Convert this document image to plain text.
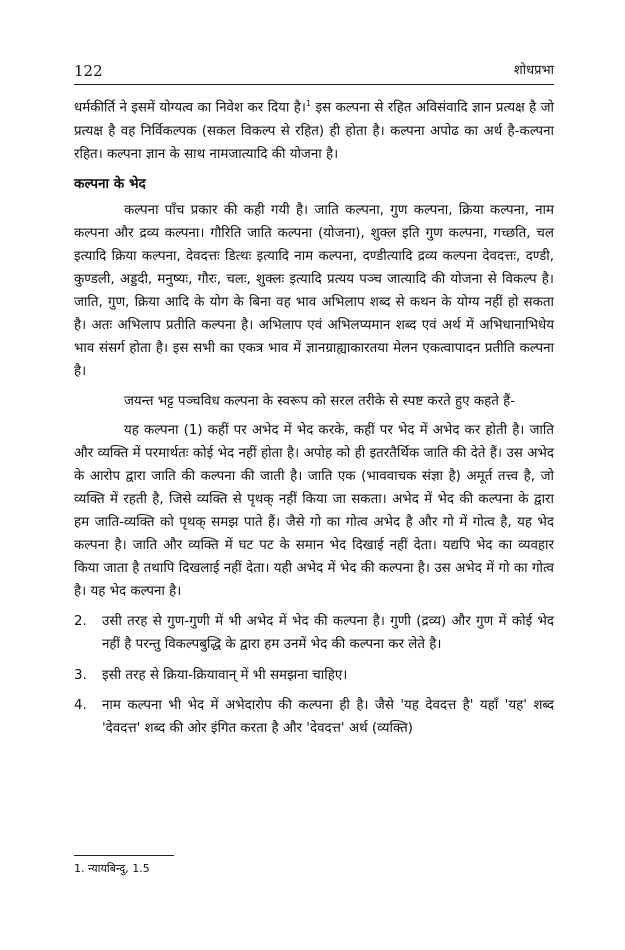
122	शोधप्रभा

धर्मकीर्ति ने इसमें योग्यत्व का निवेश कर दिया है।$^1$ इस कल्पना से रहित अविसंवादि ज्ञान प्रत्यक्ष है जो प्रत्यक्ष है वह निर्विकल्पक (सकल विकल्प से रहित) ही होता है। कल्पना अपोढ का अर्थ है-कल्पना रहित। कल्पना ज्ञान के साथ नामजात्यादि की योजना है।

कल्पना के भेद

कल्पना पाँच प्रकार की कही गयी है। जाति कल्पना, गुण कल्पना, क्रिया कल्पना, नाम कल्पना और द्रव्य कल्पना। गौरिति जाति कल्पना (योजना), शुक्ल इति गुण कल्पना, गच्छति, चल इत्यादि क्रिया कल्पना, देवदत्तः डित्थः इत्यादि नाम कल्पना, दण्डीत्यादि द्रव्य कल्पना देवदत्तः, दण्डी, कुण्डली, अड्डदी, मनुष्यः, गौरः, चलः, शुक्लः इत्यादि प्रत्यय पञ्च जात्यादि की योजना से विकल्प है। जाति, गुण, क्रिया आदि के योग के बिना वह भाव अभिलाप शब्द से कथन के योग्य नहीं हो सकता है। अतः अभिलाप प्रतीति कल्पना है। अभिलाप एवं अभिलप्यमान शब्द एवं अर्थ में अभिधानाभिधेय भाव संसर्ग होता है। इस सभी का एकत्र भाव में ज्ञानग्राह्याकारतया मेलन एकत्वापादन प्रतीति कल्पना है।

जयन्त भट्ट पञ्चविध कल्पना के स्वरूप को सरल तरीके से स्पष्ट करते हुए कहते हैं-

यह कल्पना (1) कहीं पर अभेद में भेद करके, कहीं पर भेद में अभेद कर होती है। जाति और व्यक्ति में परमार्थतः कोई भेद नहीं होता है। अपोह को ही इतरतैर्थिक जाति की देते हैं। उस अभेद के आरोप द्वारा जाति की कल्पना की जाती है। जाति एक (भाववाचक संज्ञा है) अमूर्त तत्त्व है, जो व्यक्ति में रहती है, जिसे व्यक्ति से पृथक् नहीं किया जा सकता। अभेद में भेद की कल्पना के द्वारा हम जाति-व्यक्ति को पृथक् समझ पाते हैं। जैसे गो का गोत्व अभेद है और गो में गोत्व है, यह भेद कल्पना है। जाति और व्यक्ति में घट पट के समान भेद दिखाई नहीं देता। यद्यपि भेद का व्यवहार किया जाता है तथापि दिखलाई नहीं देता। यही अभेद में भेद की कल्पना है। उस अभेद में गो का गोत्व है। यह भेद कल्पना है।

2. उसी तरह से गुण-गुणी में भी अभेद में भेद की कल्पना है। गुणी (द्रव्य) और गुण में कोई भेद नहीं है परन्तु विकल्पबुद्धि के द्वारा हम उनमें भेद की कल्पना कर लेते है।
3. इसी तरह से क्रिया-क्रियावान् में भी समझना चाहिए।
4. नाम कल्पना भी भेद में अभेदारोप की कल्पना ही है। जैसे 'यह देवदत्त है' यहाँ 'यह' शब्द 'देवदत्त' शब्द की ओर इंगित करता है और 'देवदत्त' अर्थ (व्यक्ति)
1. न्यायबिन्दु, 1.5
